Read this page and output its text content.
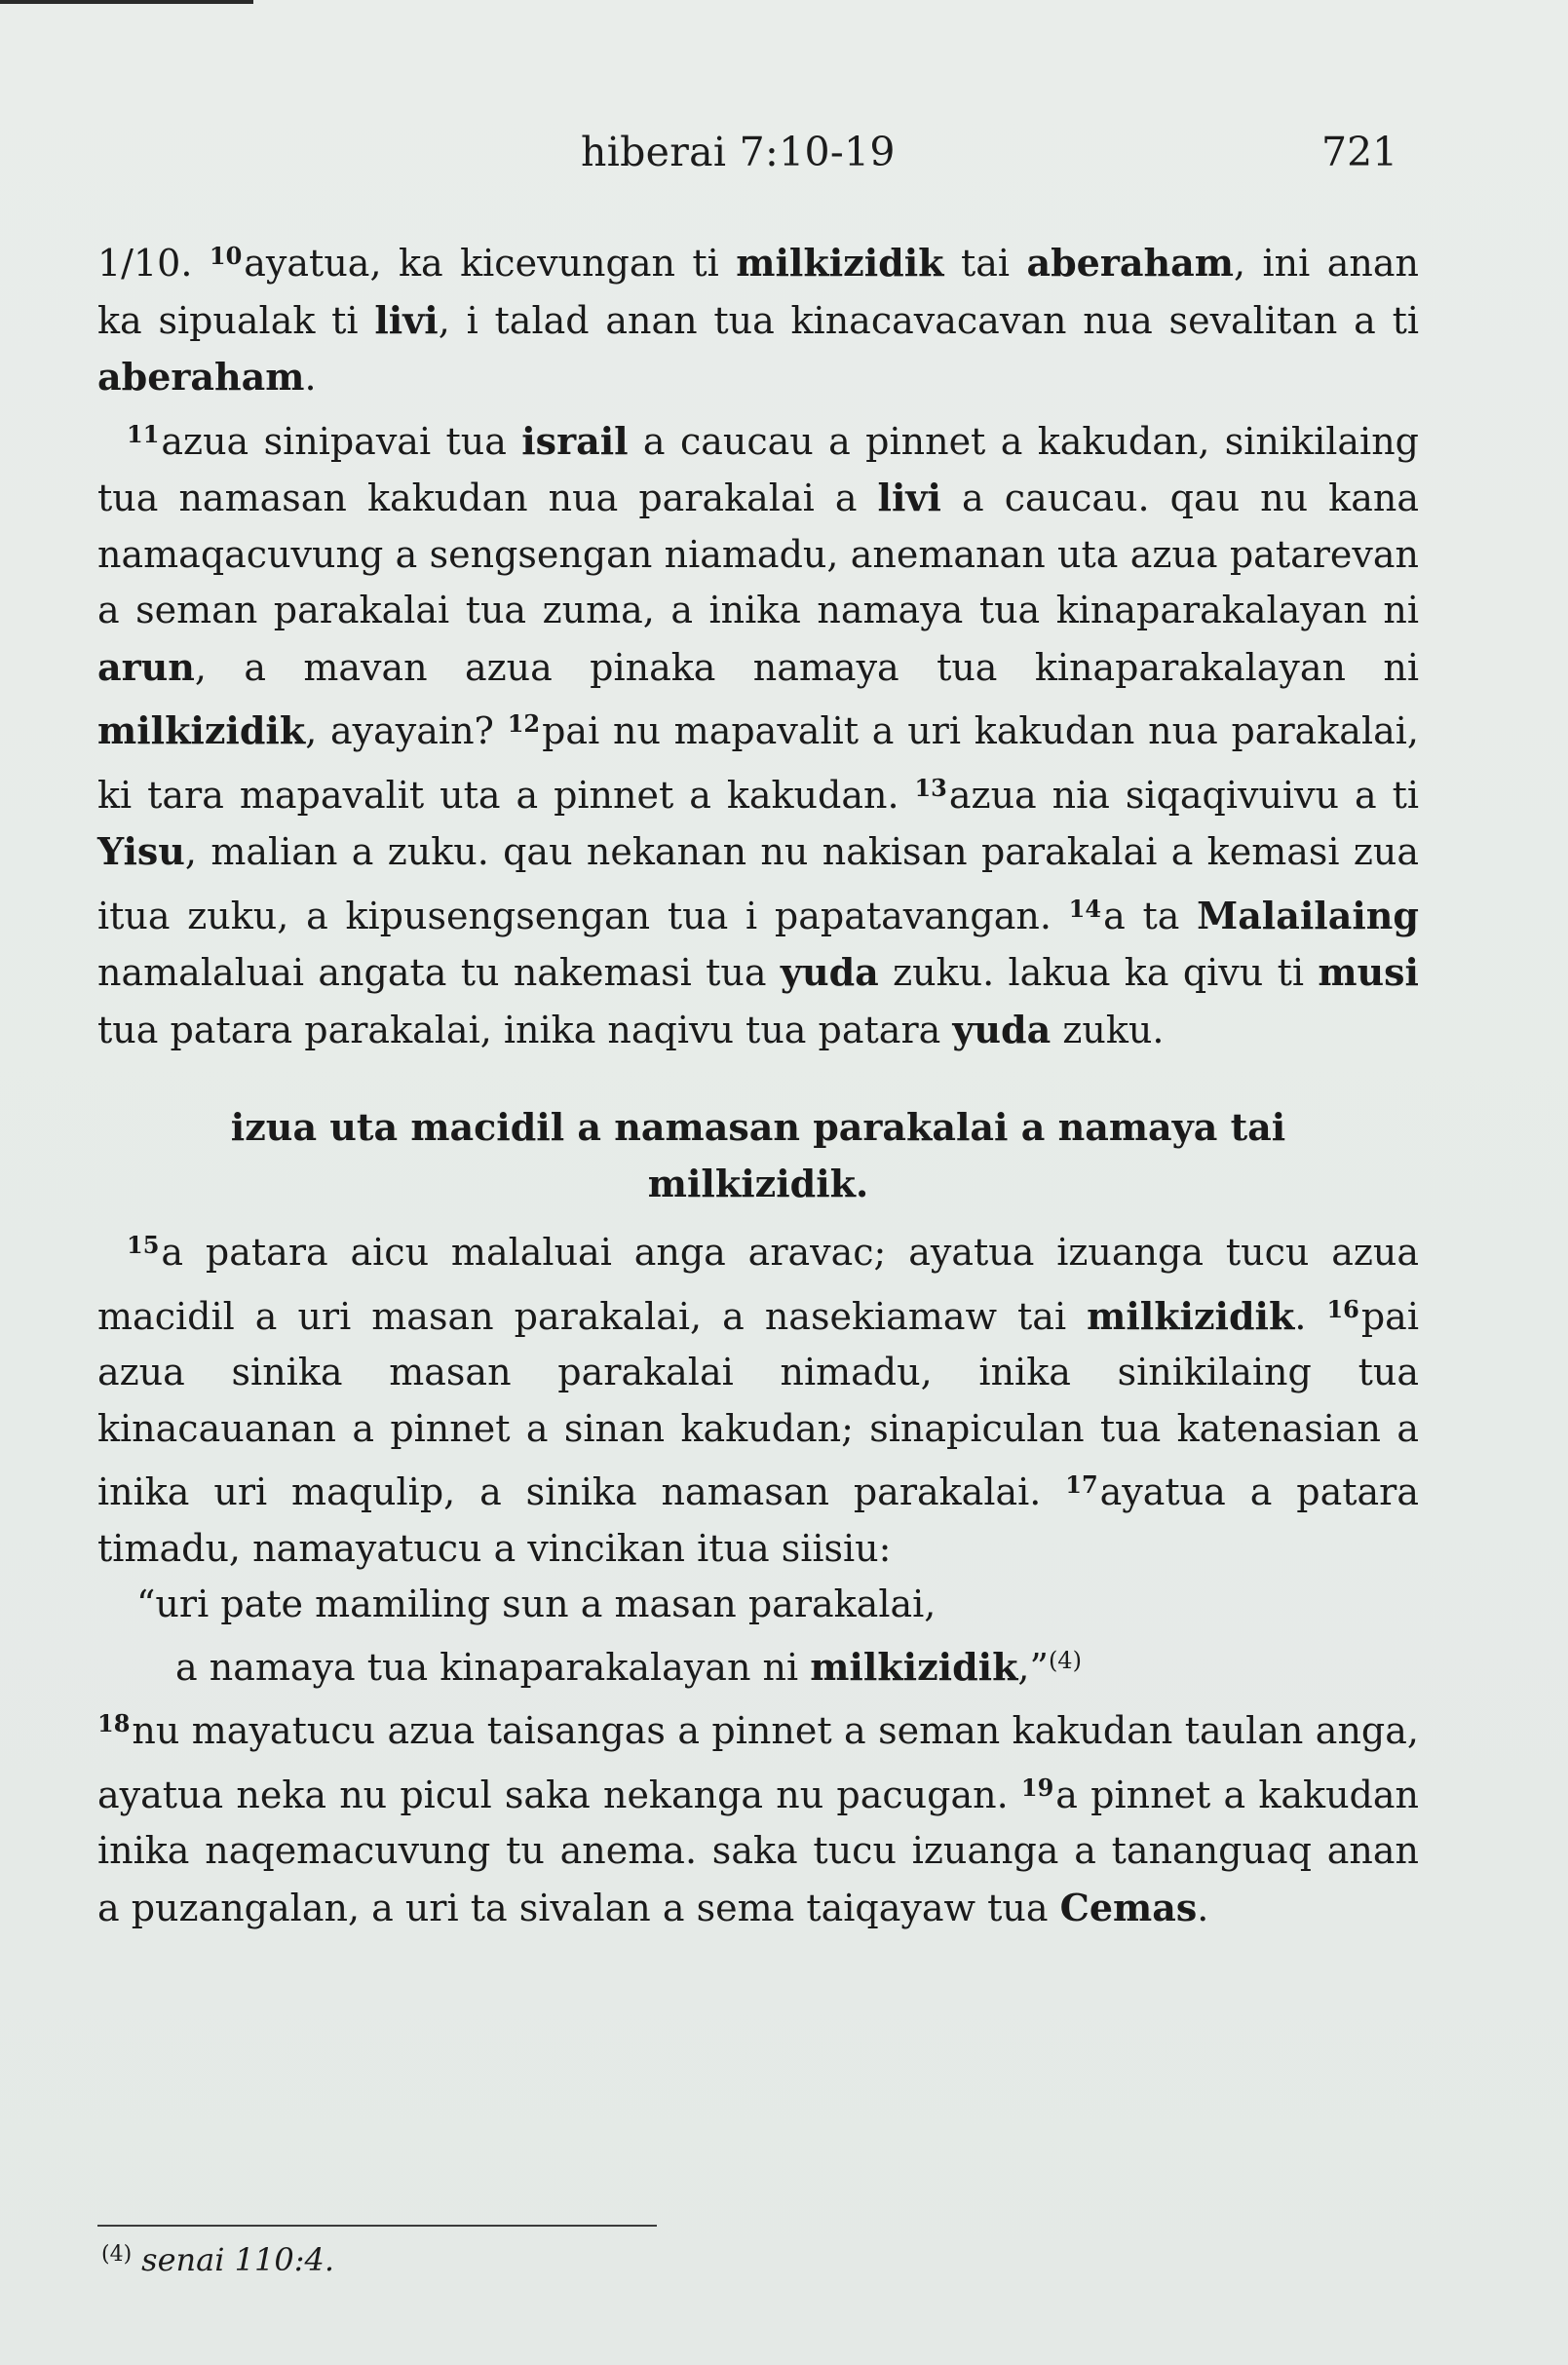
hiberai 7:10-19	721

1/10. $^{10}$ayatua, ka kicevungan ti milkizidik tai aberaham, ini anan ka sipualak ti livi, i talad anan tua kinacavacavan nua sevalitan a ti aberaham.

$^{11}$azua sinipavai tua israil a caucau a pinnet a kakudan, sinikilaing tua namasan kakudan nua parakalai a livi a caucau. qau nu kana namaqacuvung a sengsengan niamadu, anemanan uta azua patarevan a seman parakalai tua zuma, a inika namaya tua kinaparakalayan ni arun, a mavan azua pinaka namaya tua kinaparakalayan ni milkizidik, ayayain? $^{12}$pai nu mapavalit a uri kakudan nua parakalai, ki tara mapavalit uta a pinnet a kakudan. $^{13}$azua nia siqaqivuivu a ti Yisu, malian a zuku. qau nekanan nu nakisan parakalai a kemasi zua itua zuku, a kipusengsengan tua i papatavangan. $^{14}$a ta Malailaing namalaluai angata tu nakemasi tua yuda zuku. lakua ka qivu ti musi tua patara parakalai, inika naqivu tua patara yuda zuku.

izua uta macidil a namasan parakalai a namaya tai
milkizidik.

$^{15}$a patara aicu malaluai anga aravac; ayatua izuanga tucu azua macidil a uri masan parakalai, a nasekiamaw tai milkizidik. $^{16}$pai azua sinika masan parakalai nimadu, inika sinikilaing tua kinacauanan a pinnet a sinan kakudan; sinapiculan tua katenasian a inika uri maqulip, a sinika namasan parakalai. $^{17}$ayatua a patara timadu, namayatucu a vincikan itua siisiu:

“uri pate mamiling sun a masan parakalai,
a namaya tua kinaparakalayan ni milkizidik,”$^{(4)}$

$^{18}$nu mayatucu azua taisangas a pinnet a seman kakudan taulan anga, ayatua neka nu picul saka nekanga nu pacugan. $^{19}$a pinnet a kakudan inika naqemacuvung tu anema. saka tucu izuanga a tananguaq anan a puzangalan, a uri ta sivalan a sema taiqayaw tua Cemas.

$^{(4)}$ senai 110:4.
